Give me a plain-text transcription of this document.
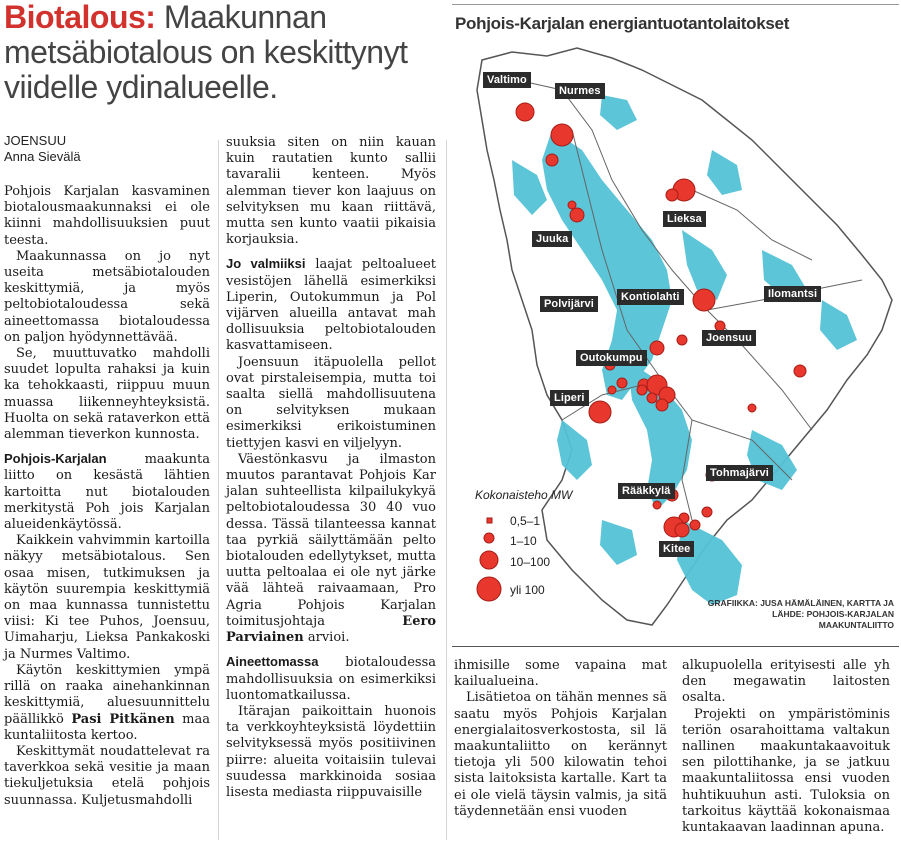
Biotalous: Maakunnan metsäbiotalous on keskittynyt viidelle ydinalueelle.
JOENSUU
Anna Sievälä

Pohjois Karjalan kasvaminen biotalousmaakunnaksi ei ole kiinni mahdollisuuksien puut teesta.

Maakunnassa on jo nyt useita metsäbiotalouden keskittymiä, ja myös peltobiotaloudessa sekä aineettomassa biotaloudessa on paljon hyödynnettävää.

Se, muuttuvatko mahdolli suudet lopulta rahaksi ja kuin ka tehokkaasti, riippuu muun muassa liikenneyhteyksistä. Huolta on sekä rataverkon että alemman tieverkon kunnosta.

Pohjois-Karjalan maakunta liitto on kesästä lähtien kartoitta nut biotalouden merkitystä Poh jois Karjalan alueidenkäytössä.

Kaikkein vahvimmin kartoilla näkyy metsäbiotalous. Sen osaa misen, tutkimuksen ja käytön suurempia keskittymiä on maa kunnassa tunnistettu viisi: Ki tee Puhos, Joensuu, Uimaharju, Lieksa Pankakoski ja Nurmes Valtimo.

Käytön keskittymien ympä rillä on raaka ainehankinnan keskittymiä, aluesuunnittelu päällikkö Pasi Pitkänen maa kuntaliitosta kertoo.

Keskittymät noudattelevat ra taverkkoa sekä vesitie ja maan tiekuljetuksia etelä pohjois suunnassa. Kuljetusmahdolli

suuksia siten on niin kauan kuin rautatien kunto sallii tavaralii kenteen. Myös alemman tiever kon laajuus on selvityksen mu kaan riittävä, mutta sen kunto vaatii pikaisia korjauksia.

Jo valmiiksi laajat peltoalueet vesistöjen lähellä esimerkiksi Liperin, Outokummun ja Pol vijärven alueilla antavat mah dollisuuksia peltobiotalouden kasvattamiseen.

Joensuun itäpuolella pellot ovat pirstaleisempia, mutta toi saalta siellä mahdollisuutena on selvityksen mukaan esimerkiksi erikoistuminen tiettyjen kasvi en viljelyyn.

Väestönkasvu ja ilmaston muutos parantavat Pohjois Kar jalan suhteellista kilpailukykyä peltobiotaloudessa 30 40 vuo dessa. Tässä tilanteessa kannat taa pyrkiä säilyttämään pelto biotalouden edellytykset, mutta uutta peltoalaa ei ole nyt järke vää lähteä raivaamaan, Pro Agria Pohjois Karjalan toimitusjohtaja Eero Parviainen arvioi.

Aineettomassa biotaloudessa mahdollisuuksia on esimerkiksi luontomatkailussa.

Itärajan paikoittain huonois ta verkkoyhteyksistä löydettiin selvityksessä myös positiivinen piirre: alueita voitaisiin tulevai suudessa markkinoida sosiaa lisesta mediasta riippuvaisille

ihmisille some vapaina mat kailualueina.

Lisätietoa on tähän mennes sä saatu myös Pohjois Karjalan energialaitosverkostosta, sil lä maakuntaliitto on kerännyt tietoja yli 500 kilowatin tehoi sista laitoksista kartalle. Kart ta ei ole vielä täysin valmis, ja sitä täydennetään ensi vuoden

alkupuolella erityisesti alle yh den megawatin laitosten osalta.

Projekti on ympäristöminis teriön osarahoittama valtakun nallinen maakuntakaavoituk sen pilottihanke, ja se jatkuu maakuntaliitossa ensi vuoden huhtikuuhun asti. Tuloksia on tarkoitus käyttää kokonaismaa kuntakaavan laadinnan apuna.

Pohjois-Karjalan energiantuotantolaitokset
Valtimo
Nurmes
Lieksa
Juuka
Kontiolahti	Ilomantsi
Polvijärvi
Joensuu
Outokumpu
Liperi
Tohmajärvi
Rääkkylä
Kitee
Kokonaisteho MW
0,5–1
1–10
10–100
yli 100
GRAFIIKKA: JUSA HÄMÄLÄINEN, KARTTA JA LÄHDE: POHJOIS-KARJALAN MAAKUNTALIITTO
